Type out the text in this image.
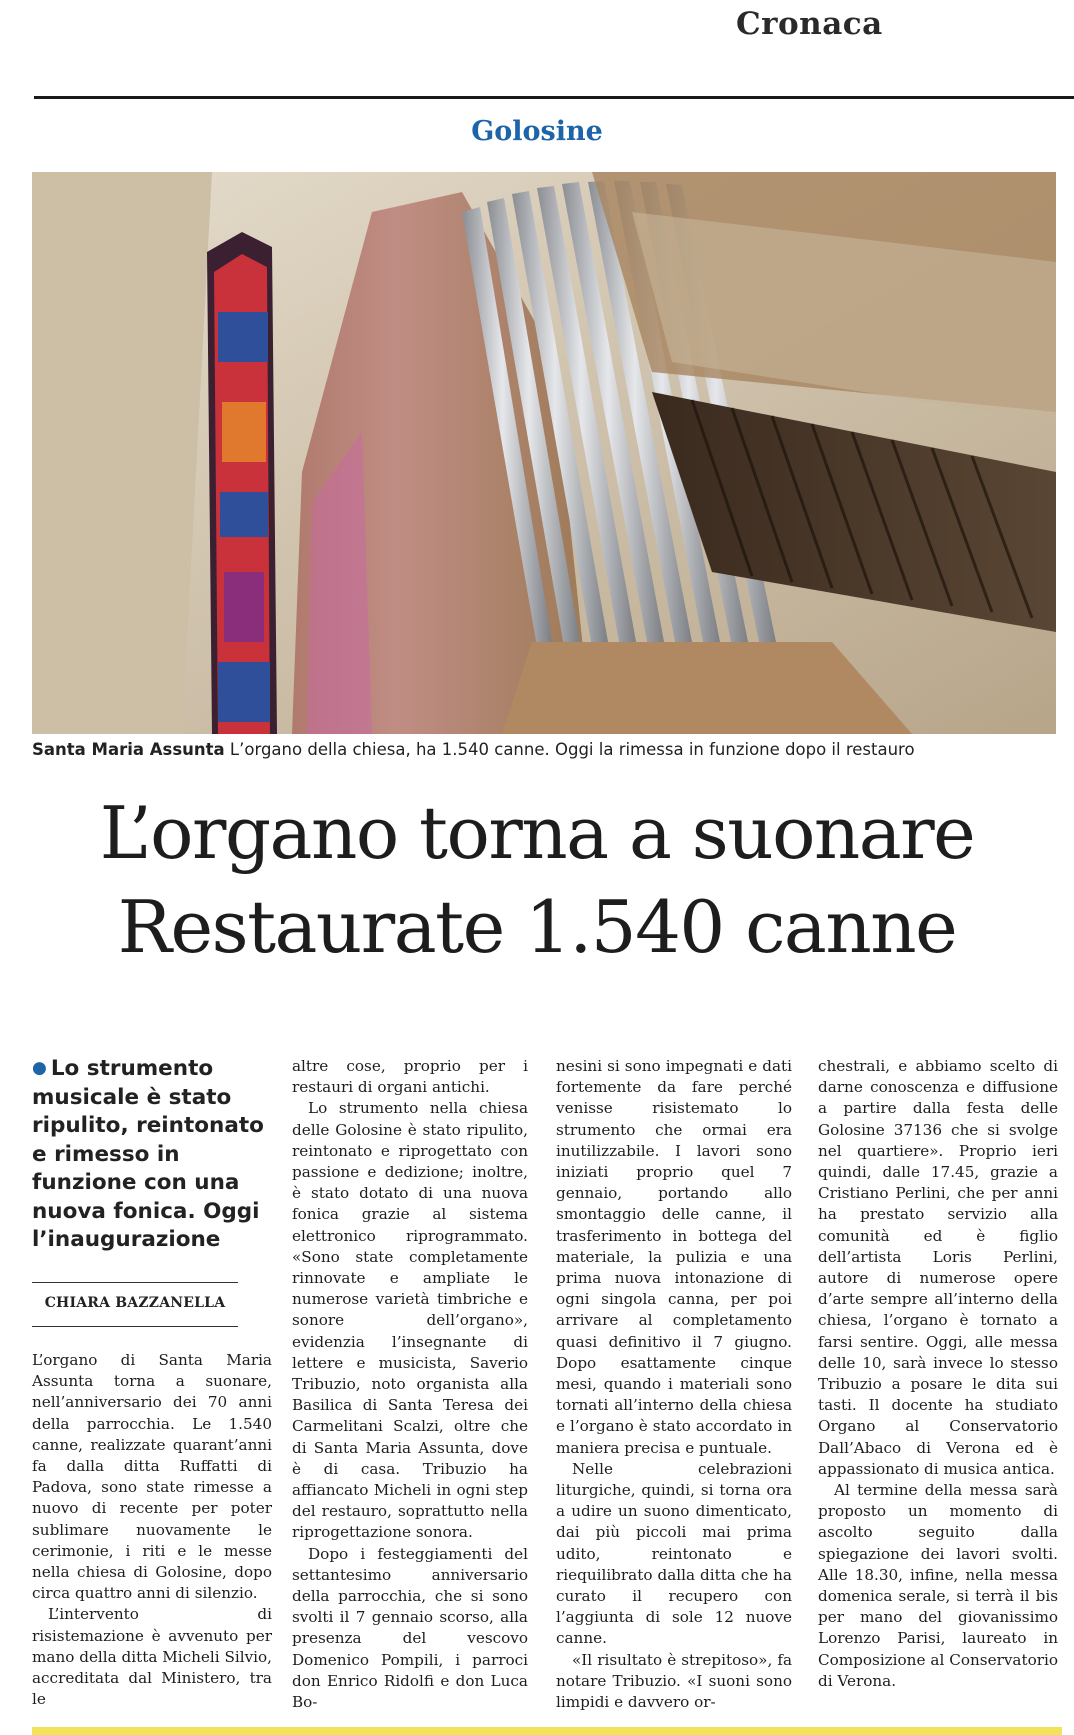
Cronaca
Golosine
Santa Maria Assunta L’organo della chiesa, ha 1.540 canne. Oggi la rimessa in funzione dopo il restauro
L’organo torna a suonare
Restaurate 1.540 canne
● Lo strumento musicale è stato ripulito, reintonato e rimesso in funzione con una nuova fonica. Oggi l’inaugurazione
CHIARA BAZZANELLA

L’organo di Santa Maria Assunta torna a suonare, nell’anniversario dei 70 anni della parrocchia. Le 1.540 canne, realizzate quarant’anni fa dalla ditta Ruffatti di Padova, sono state rimesse a nuovo di recente per poter sublimare nuovamente le cerimonie, i riti e le messe nella chiesa di Golosine, dopo circa quattro anni di silenzio.

L’intervento di risistemazione è avvenuto per mano della ditta Micheli Silvio, accreditata dal Ministero, tra le

altre cose, proprio per i restauri di organi antichi.

Lo strumento nella chiesa delle Golosine è stato ripulito, reintonato e riprogettato con passione e dedizione; inoltre, è stato dotato di una nuova fonica grazie al sistema elettronico riprogrammato. «Sono state completamente rinnovate e ampliate le numerose varietà timbriche e sonore dell’organo», evidenzia l’insegnante di lettere e musicista, Saverio Tribuzio, noto organista alla Basilica di Santa Teresa dei Carmelitani Scalzi, oltre che di Santa Maria Assunta, dove è di casa. Tribuzio ha affiancato Micheli in ogni step del restauro, soprattutto nella riprogettazione sonora.

Dopo i festeggiamenti del settantesimo anniversario della parrocchia, che si sono svolti il 7 gennaio scorso, alla presenza del vescovo Domenico Pompili, i parroci don Enrico Ridolfi e don Luca Bo-

nesini si sono impegnati e dati fortemente da fare perché venisse risistemato lo strumento che ormai era inutilizzabile. I lavori sono iniziati proprio quel 7 gennaio, portando allo smontaggio delle canne, il trasferimento in bottega del materiale, la pulizia e una prima nuova intonazione di ogni singola canna, per poi arrivare al completamento quasi definitivo il 7 giugno. Dopo esattamente cinque mesi, quando i materiali sono tornati all’interno della chiesa e l’organo è stato accordato in maniera precisa e puntuale.

Nelle celebrazioni liturgiche, quindi, si torna ora a udire un suono dimenticato, dai più piccoli mai prima udito, reintonato e riequilibrato dalla ditta che ha curato il recupero con l’aggiunta di sole 12 nuove canne.

«Il risultato è strepitoso», fa notare Tribuzio. «I suoni sono limpidi e davvero or-

chestrali, e abbiamo scelto di darne conoscenza e diffusione a partire dalla festa delle Golosine 37136 che si svolge nel quartiere». Proprio ieri quindi, dalle 17.45, grazie a Cristiano Perlini, che per anni ha prestato servizio alla comunità ed è figlio dell’artista Loris Perlini, autore di numerose opere d’arte sempre all’interno della chiesa, l’organo è tornato a farsi sentire. Oggi, alle messa delle 10, sarà invece lo stesso Tribuzio a posare le dita sui tasti. Il docente ha studiato Organo al Conservatorio Dall’Abaco di Verona ed è appassionato di musica antica.

Al termine della messa sarà proposto un momento di ascolto seguito dalla spiegazione dei lavori svolti. Alle 18.30, infine, nella messa domenica serale, si terrà il bis per mano del giovanissimo Lorenzo Parisi, laureato in Composizione al Conservatorio di Verona.
